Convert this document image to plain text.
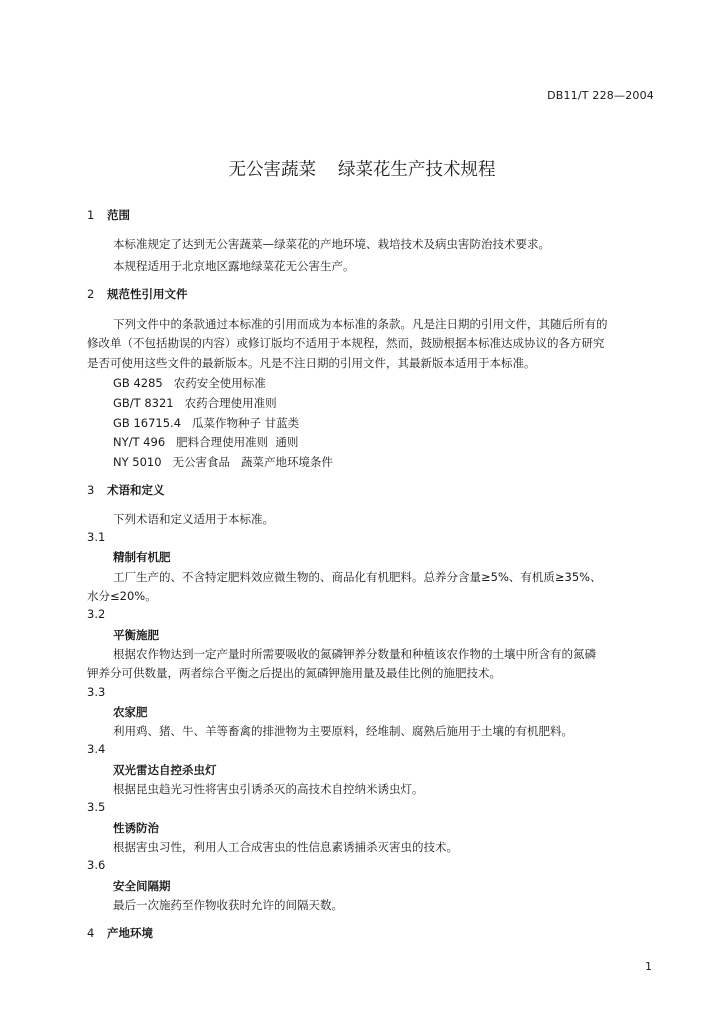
DB11/T 228—2004
无公害蔬菜 绿菜花生产技术规程
1 范围
本标准规定了达到无公害蔬菜—绿菜花的产地环境、栽培技术及病虫害防治技术要求。
本规程适用于北京地区露地绿菜花无公害生产。
2 规范性引用文件
下列文件中的条款通过本标准的引用而成为本标准的条款。凡是注日期的引用文件，其随后所有的
修改单（不包括勘误的内容）或修订版均不适用于本规程，然而，鼓励根据本标准达成协议的各方研究
是否可使用这些文件的最新版本。凡是不注日期的引用文件，其最新版本适用于本标准。
GB 4285   农药安全使用标准
GB/T 8321   农药合理使用准则
GB 16715.4   瓜菜作物种子 甘蓝类
NY/T 496   肥料合理使用准则  通则
NY 5010   无公害食品   蔬菜产地环境条件
3 术语和定义
下列术语和定义适用于本标准。
3.1
精制有机肥
工厂生产的、不含特定肥料效应微生物的、商品化有机肥料。总养分含量≥5%、有机质≥35%、
水分≤20%。
3.2
平衡施肥
根据农作物达到一定产量时所需要吸收的氮磷钾养分数量和种植该农作物的土壤中所含有的氮磷
钾养分可供数量，两者综合平衡之后提出的氮磷钾施用量及最佳比例的施肥技术。
3.3
农家肥
利用鸡、猪、牛、羊等畜禽的排泄物为主要原料，经堆制、腐熟后施用于土壤的有机肥料。
3.4
双光雷达自控杀虫灯
根据昆虫趋光习性将害虫引诱杀灭的高技术自控纳米诱虫灯。
3.5
性诱防治
根据害虫习性，利用人工合成害虫的性信息素诱捕杀灭害虫的技术。
3.6
安全间隔期
最后一次施药至作物收获时允许的间隔天数。
4 产地环境
1
